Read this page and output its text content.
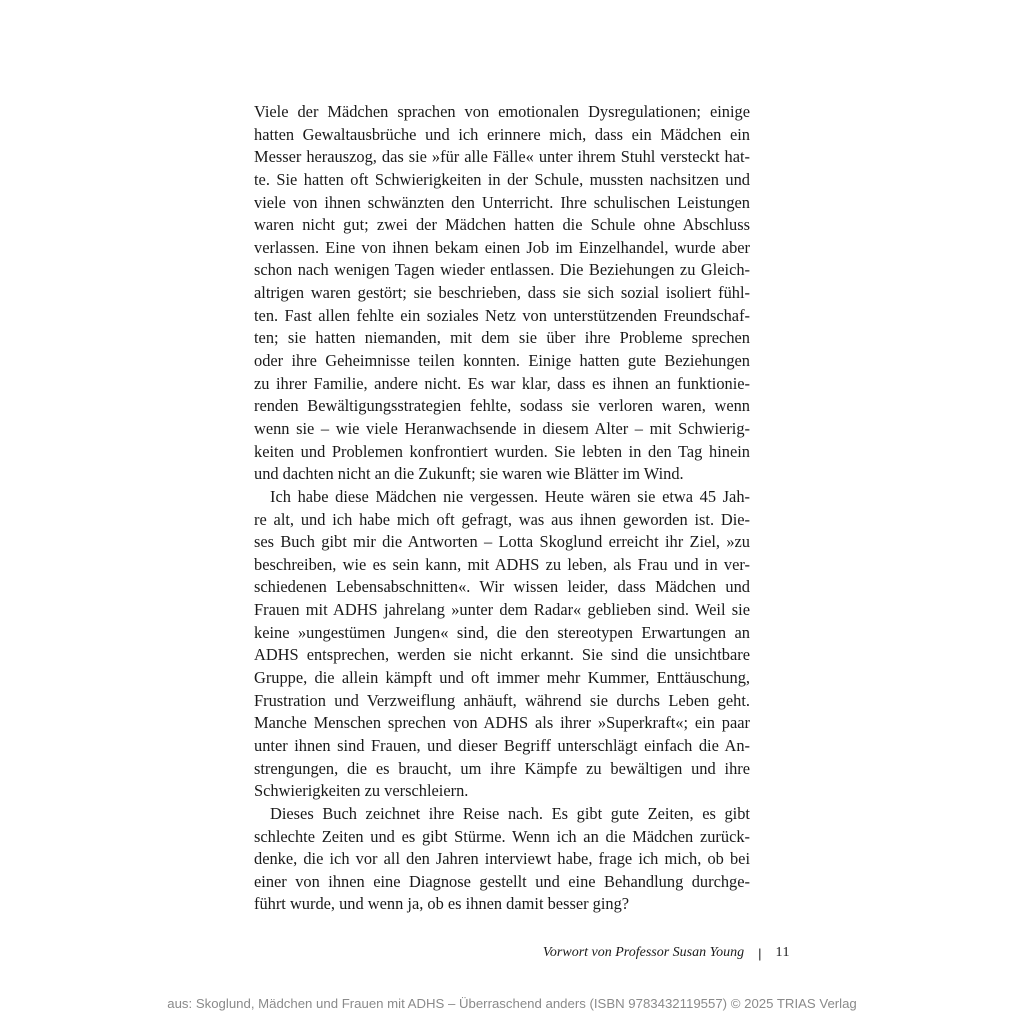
Viele der Mädchen sprachen von emotionalen Dysregulationen; einige
hatten Gewaltausbrüche und ich erinnere mich, dass ein Mädchen ein
Messer herauszog, das sie »für alle Fälle« unter ihrem Stuhl versteckt hat-
te. Sie hatten oft Schwierigkeiten in der Schule, mussten nachsitzen und
viele von ihnen schwänzten den Unterricht. Ihre schulischen Leistungen
waren nicht gut; zwei der Mädchen hatten die Schule ohne Abschluss
verlassen. Eine von ihnen bekam einen Job im Einzelhandel, wurde aber
schon nach wenigen Tagen wieder entlassen. Die Beziehungen zu Gleich-
altrigen waren gestört; sie beschrieben, dass sie sich sozial isoliert fühl-
ten. Fast allen fehlte ein soziales Netz von unterstützenden Freundschaf-
ten; sie hatten niemanden, mit dem sie über ihre Probleme sprechen
oder ihre Geheimnisse teilen konnten. Einige hatten gute Beziehungen
zu ihrer Familie, andere nicht. Es war klar, dass es ihnen an funktionie-
renden Bewältigungsstrategien fehlte, sodass sie verloren waren, wenn
wenn sie – wie viele Heranwachsende in diesem Alter – mit Schwierig-
keiten und Problemen konfrontiert wurden. Sie lebten in den Tag hinein
und dachten nicht an die Zukunft; sie waren wie Blätter im Wind.
Ich habe diese Mädchen nie vergessen. Heute wären sie etwa 45 Jah-
re alt, und ich habe mich oft gefragt, was aus ihnen geworden ist. Die-
ses Buch gibt mir die Antworten – Lotta Skoglund erreicht ihr Ziel, »zu
beschreiben, wie es sein kann, mit ADHS zu leben, als Frau und in ver-
schiedenen Lebensabschnitten«. Wir wissen leider, dass Mädchen und
Frauen mit ADHS jahrelang »unter dem Radar« geblieben sind. Weil sie
keine »ungestümen Jungen« sind, die den stereotypen Erwartungen an
ADHS entsprechen, werden sie nicht erkannt. Sie sind die unsichtbare
Gruppe, die allein kämpft und oft immer mehr Kummer, Enttäuschung,
Frustration und Verzweiflung anhäuft, während sie durchs Leben geht.
Manche Menschen sprechen von ADHS als ihrer »Superkraft«; ein paar
unter ihnen sind Frauen, und dieser Begriff unterschlägt einfach die An-
strengungen, die es braucht, um ihre Kämpfe zu bewältigen und ihre
Schwierigkeiten zu verschleiern.
Dieses Buch zeichnet ihre Reise nach. Es gibt gute Zeiten, es gibt
schlechte Zeiten und es gibt Stürme. Wenn ich an die Mädchen zurück-
denke, die ich vor all den Jahren interviewt habe, frage ich mich, ob bei
einer von ihnen eine Diagnose gestellt und eine Behandlung durchge-
führt wurde, und wenn ja, ob es ihnen damit besser ging?
Vorwort von Professor Susan Young | 11
aus: Skoglund, Mädchen und Frauen mit ADHS – Überraschend anders (ISBN 9783432119557) © 2025 TRIAS Verlag
